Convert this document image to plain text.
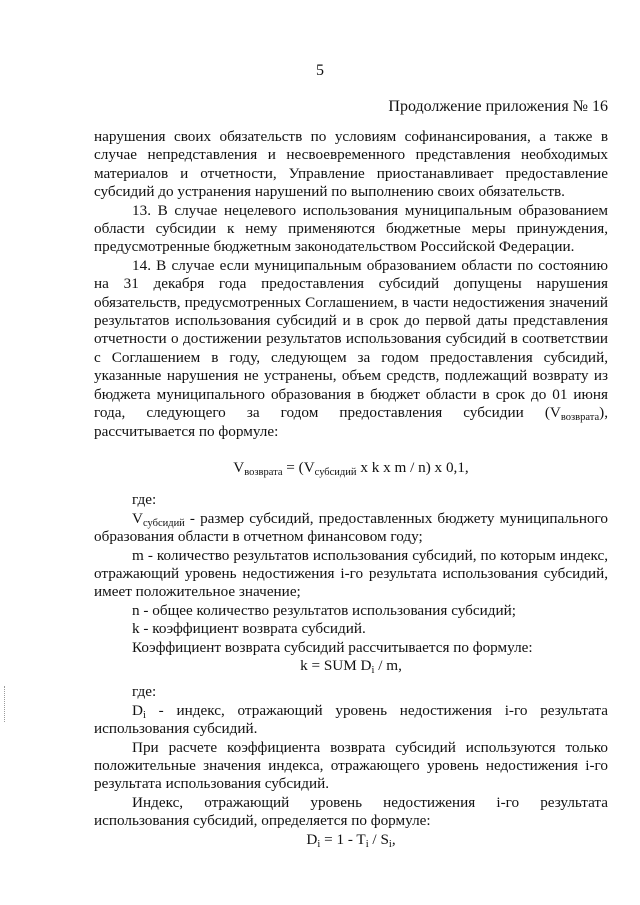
5

Продолжение приложения № 16

нарушения своих обязательств по условиям софинансирования, а также в случае непредставления и несвоевременного представления необходимых материалов и отчетности, Управление приостанавливает предоставление субсидий до устранения нарушений по выполнению своих обязательств.

13. В случае нецелевого использования муниципальным образованием области субсидии к нему применяются бюджетные меры принуждения, предусмотренные бюджетным законодательством Российской Федерации.

14. В случае если муниципальным образованием области по состоянию на 31 декабря года предоставления субсидий допущены нарушения обязательств, предусмотренных Соглашением, в части недостижения значений результатов использования субсидий и в срок до первой даты представления отчетности о достижении результатов использования субсидий в соответствии с Соглашением в году, следующем за годом предоставления субсидий, указанные нарушения не устранены, объем средств, подлежащий возврату из бюджета муниципального образования в бюджет области в срок до 01 июня года, следующего за годом предоставления субсидии $(V_{возврата})$, рассчитывается по формуле:

$V_{возврата} = (V_{субсидий}$ x k x m / n) x 0,1,

где:

$V_{субсидий}$ - размер субсидий, предоставленных бюджету муниципального образования области в отчетном финансовом году;

m - количество результатов использования субсидий, по которым индекс, отражающий уровень недостижения i-го результата использования субсидий, имеет положительное значение;

n - общее количество результатов использования субсидий;

k - коэффициент возврата субсидий.

Коэффициент возврата субсидий рассчитывается по формуле:

k = SUM $D_i$ / m,

где:

$D_i$ - индекс, отражающий уровень недостижения i-го результата использования субсидий.

При расчете коэффициента возврата субсидий используются только положительные значения индекса, отражающего уровень недостижения i-го результата использования субсидий.

Индекс, отражающий уровень недостижения i-го результата использования субсидий, определяется по формуле:

$D_i = 1 - T_i / S_i$,
